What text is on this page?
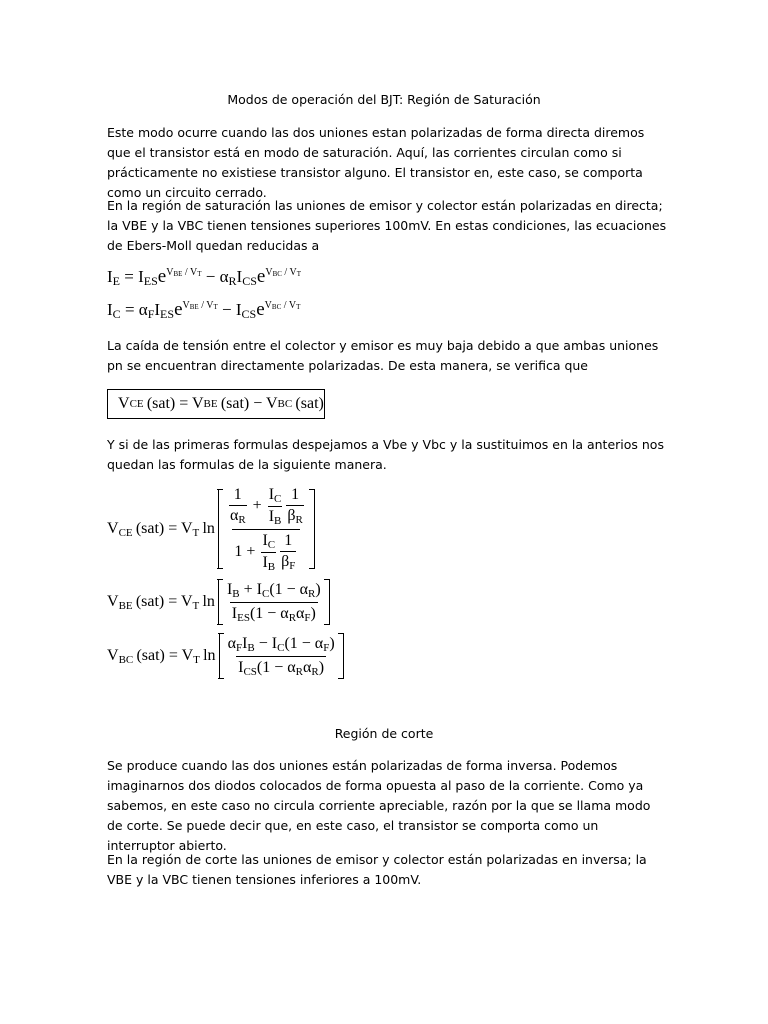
Modos de operación del BJT: Región de Saturación

Este modo ocurre cuando las dos uniones estan polarizadas de forma directa diremos que el transistor está en modo de saturación. Aquí, las corrientes circulan como si prácticamente no existiese transistor alguno. El transistor en, este caso, se comporta como un circuito cerrado.

En la región de saturación las uniones de emisor y colector están polarizadas en directa; la VBE y la VBC tienen tensiones superiores 100mV. En estas condiciones, las ecuaciones de Ebers-Moll quedan reducidas a

$I_E = I_{ES}e^{V_{BE} / V_T} - \alpha_RI_{CS}e^{V_{BC} / V_T}$
$I_C = \alpha_FI_{ES}e^{V_{BE} / V_T} - I_{CS}e^{V_{BC} / V_T}$

La caída de tensión entre el colector y emisor es muy baja debido a que ambas uniones pn se encuentran directamente polarizadas. De esta manera, se verifica que

V CE  (sat) = V BE  (sat) − V BC  (sat)

Y si de las primeras formulas despejamos a Vbe y Vbc y la sustituimos en la anterios nos quedan las formulas de la siguiente manera.

$V_{CE}$ $(sat) = V_T$ $\ln \frac{\frac{1}{\alpha_R} + \frac{I_C}{I_B} \frac{1}{\beta_R}}{1 + \frac{I_C}{I_B} \frac{1}{\beta_F}}$
$V_{BE}$ $(sat) = V_T$ $\ln \frac{I_B + I_C(1 - \alpha_R)}{I_{ES}(1 - \alpha_R\alpha_F)}$
$V_{BC}$ $(sat) = V_T$ $\ln \frac{\alpha_FI_B - I_C(1 - \alpha_F)}{I_{CS}(1 - \alpha_R\alpha_R)}$
Región de corte

Se produce cuando las dos uniones están polarizadas de forma inversa. Podemos imaginarnos dos diodos colocados de forma opuesta al paso de la corriente. Como ya sabemos, en este caso no circula corriente apreciable, razón por la que se llama modo de corte. Se puede decir que, en este caso, el transistor se comporta como un interruptor abierto.

En la región de corte las uniones de emisor y colector están polarizadas en inversa; la VBE y la VBC tienen tensiones inferiores a 100mV.
